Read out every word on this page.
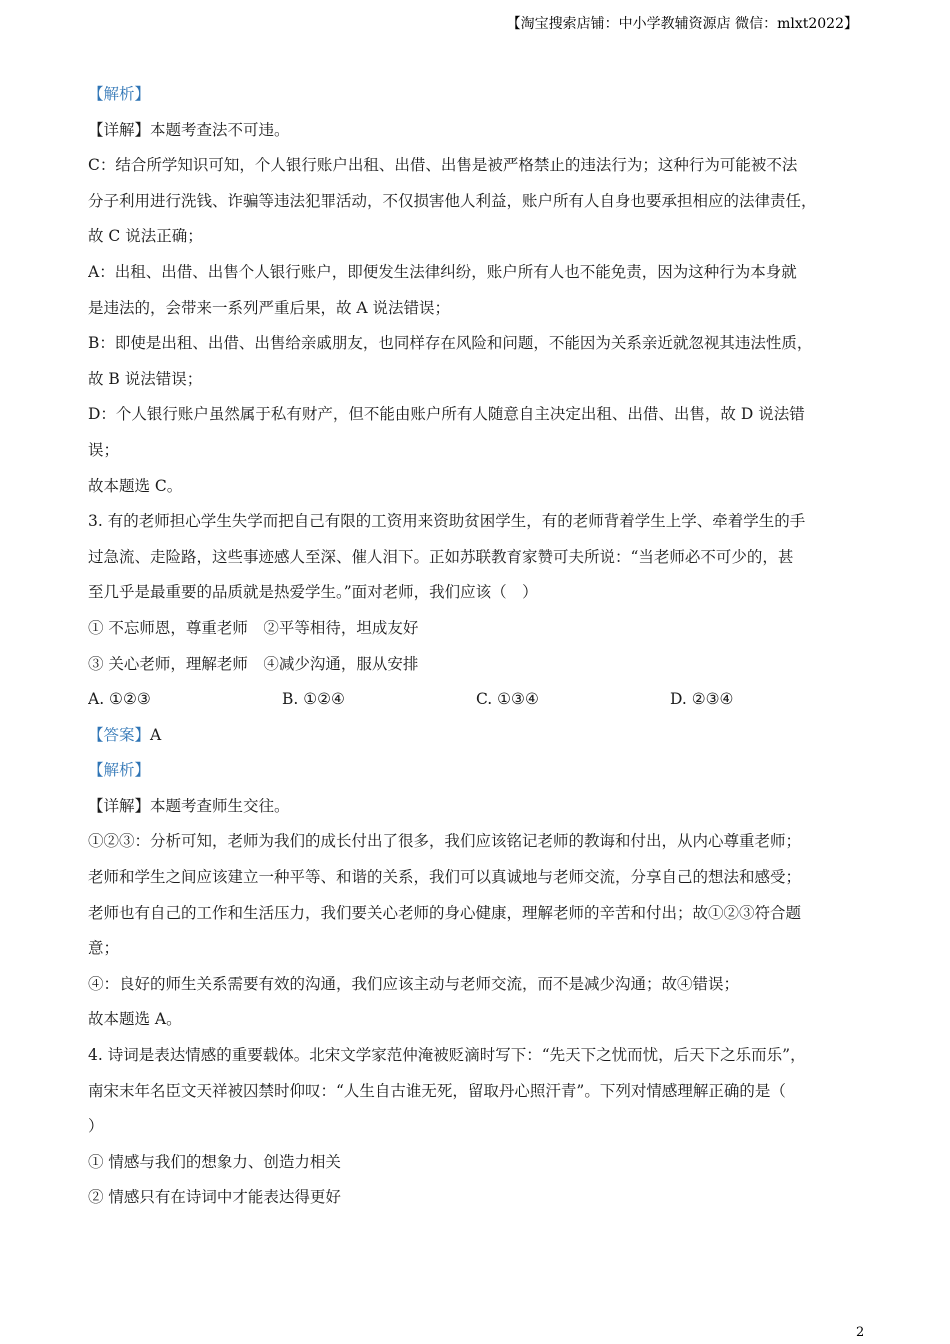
【淘宝搜索店铺：中小学教辅资源店 微信：mlxt2022】
【解析】
【详解】本题考查法不可违。
C：结合所学知识可知，个人银行账户出租、出借、出售是被严格禁止的违法行为；这种行为可能被不法
分子利用进行洗钱、诈骗等违法犯罪活动，不仅损害他人利益，账户所有人自身也要承担相应的法律责任，
故 C 说法正确；
A：出租、出借、出售个人银行账户，即便发生法律纠纷，账户所有人也不能免责，因为这种行为本身就
是违法的，会带来一系列严重后果，故 A 说法错误；
B：即使是出租、出借、出售给亲戚朋友，也同样存在风险和问题，不能因为关系亲近就忽视其违法性质，
故 B 说法错误；
D：个人银行账户虽然属于私有财产，但不能由账户所有人随意自主决定出租、出借、出售，故 D 说法错
误；
故本题选 C。
3. 有的老师担心学生失学而把自己有限的工资用来资助贫困学生，有的老师背着学生上学、牵着学生的手
过急流、走险路，这些事迹感人至深、催人泪下。正如苏联教育家赞可夫所说：“当老师必不可少的，甚
至几乎是最重要的品质就是热爱学生。”面对老师，我们应该（　）
① 不忘师恩，尊重老师　②平等相待，坦成友好
③ 关心老师，理解老师　④减少沟通，服从安排
A. ①②③	B. ①②④	C. ①③④	D. ②③④
【答案】A
【解析】
【详解】本题考查师生交往。
①②③：分析可知，老师为我们的成长付出了很多，我们应该铭记老师的教诲和付出，从内心尊重老师；
老师和学生之间应该建立一种平等、和谐的关系，我们可以真诚地与老师交流，分享自己的想法和感受；
老师也有自己的工作和生活压力，我们要关心老师的身心健康，理解老师的辛苦和付出；故①②③符合题
意；
④：良好的师生关系需要有效的沟通，我们应该主动与老师交流，而不是减少沟通；故④错误；
故本题选 A。
4. 诗词是表达情感的重要载体。北宋文学家范仲淹被贬滴时写下：“先天下之忧而忧，后天下之乐而乐”，
南宋末年名臣文天祥被囚禁时仰叹：“人生自古谁无死，留取丹心照汗青”。下列对情感理解正确的是（
）
① 情感与我们的想象力、创造力相关
② 情感只有在诗词中才能表达得更好
2
